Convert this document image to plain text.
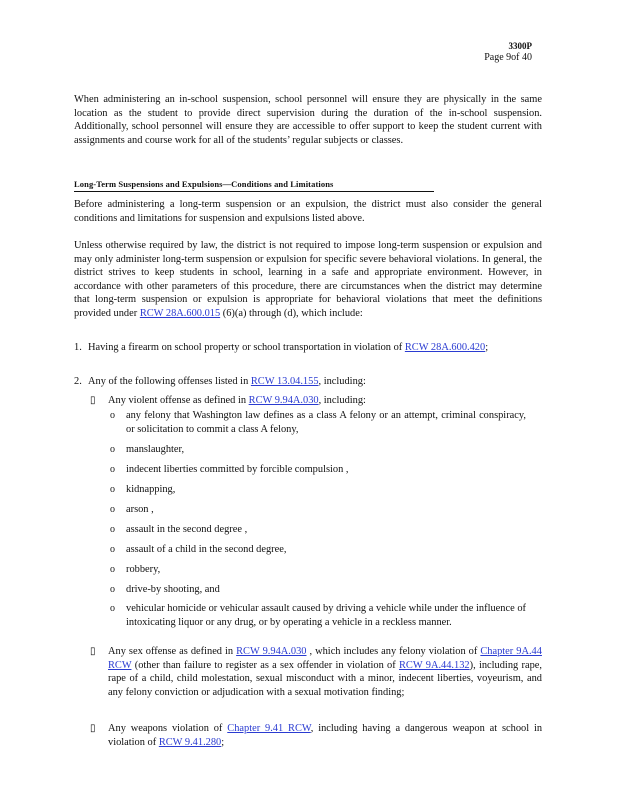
3300P
Page 9of 40
When administering an in-school suspension, school personnel will ensure they are physically in the same location as the student to provide direct supervision during the duration of the in-school suspension. Additionally, school personnel will ensure they are accessible to offer support to keep the student current with assignments and course work for all of the students’ regular subjects or classes.
Long-Term Suspensions and Expulsions—Conditions and Limitations
Before administering a long-term suspension or an expulsion, the district must also consider the general conditions and limitations for suspension and expulsions listed above.
Unless otherwise required by law, the district is not required to impose long-term suspension or expulsion and may only administer long-term suspension or expulsion for specific severe behavioral violations. In general, the district strives to keep students in school, learning in a safe and appropriate environment. However, in accordance with other parameters of this procedure, there are circumstances when the district may determine that long-term suspension or expulsion is appropriate for behavioral violations that meet the definitions provided under RCW 28A.600.015 (6)(a) through (d), which include:
1. Having a firearm on school property or school transportation in violation of RCW 28A.600.420;
2. Any of the following offenses listed in RCW 13.04.155, including:
▯ Any violent offense as defined in RCW 9.94A.030, including:
o any felony that Washington law defines as a class A felony or an attempt, criminal conspiracy, or solicitation to commit a class A felony,
o manslaughter,
o indecent liberties committed by forcible compulsion ,
o kidnapping,
o arson ,
o assault in the second degree ,
o assault of a child in the second degree,
o robbery,
o drive-by shooting, and
o vehicular homicide or vehicular assault caused by driving a vehicle while under the influence of intoxicating liquor or any drug, or by operating a vehicle in a reckless manner.
▯ Any sex offense as defined in RCW 9.94A.030 , which includes any felony violation of Chapter 9A.44 RCW (other than failure to register as a sex offender in violation of RCW 9A.44.132), including rape, rape of a child, child molestation, sexual misconduct with a minor, indecent liberties, voyeurism, and any felony conviction or adjudication with a sexual motivation finding;
▯ Any weapons violation of Chapter 9.41 RCW, including having a dangerous weapon at school in violation of RCW 9.41.280;
